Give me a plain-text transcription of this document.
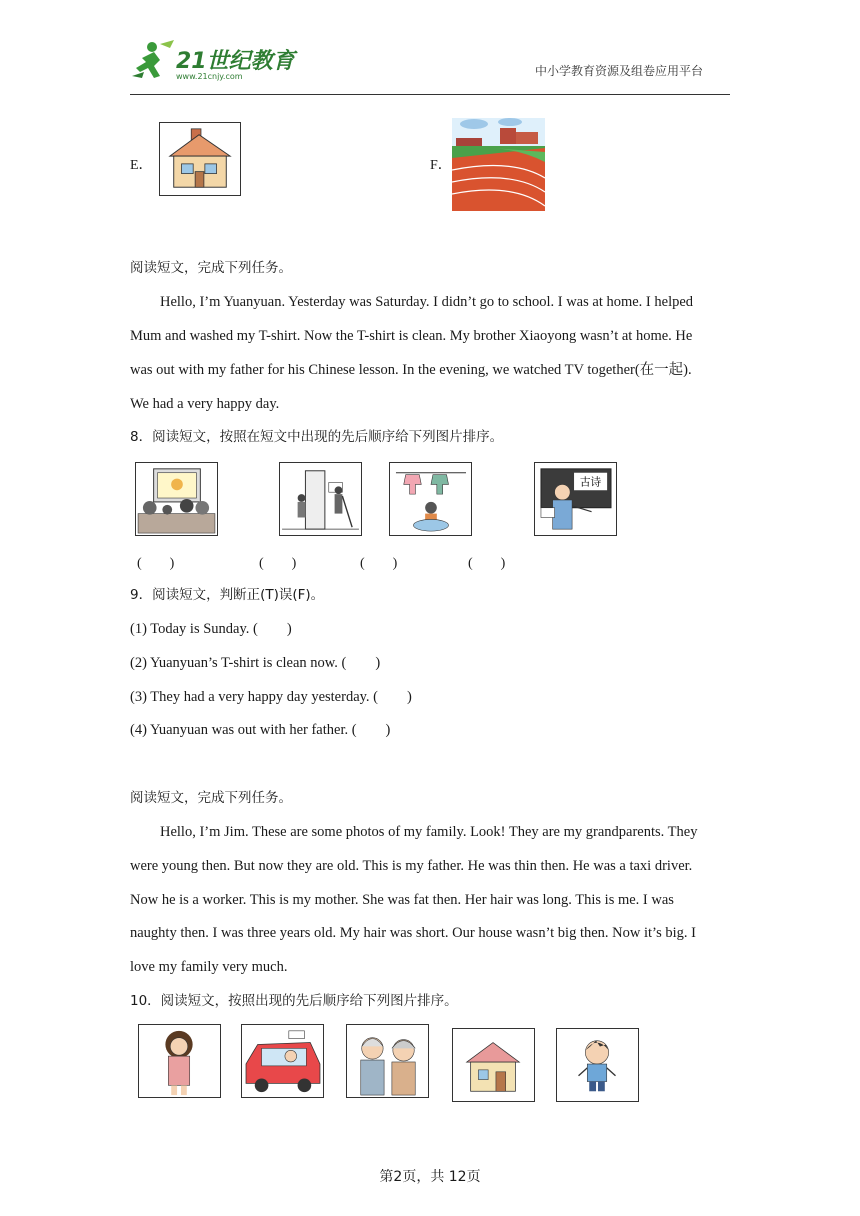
21世纪教育
www.21cnjy.com	中小学教育资源及组卷应用平台
E．	F．
阅读短文，完成下列任务。
Hello, I’m Yuanyuan. Yesterday was Saturday. I didn’t go to school. I was at home. I helped
Mum and washed my T-shirt. Now the T-shirt is clean. My brother Xiaoyong wasn’t at home. He
was out with my father for his Chinese lesson. In the evening, we watched TV together(在一起).
We had a very happy day.
8．阅读短文，按照在短文中出现的先后顺序给下列图片排序。
古诗
(　　)	(　　)	(　　)	(　　)
9．阅读短文，判断正(T)误(F)。
(1) Today is Sunday. (　　)
(2) Yuanyuan’s T-shirt is clean now. (　　)
(3) They had a very happy day yesterday. (　　)
(4) Yuanyuan was out with her father. (　　)
阅读短文，完成下列任务。
Hello, I’m Jim. These are some photos of my family. Look! They are my grandparents. They
were young then. But now they are old. This is my father. He was thin then. He was a taxi driver.
Now he is a worker. This is my mother. She was fat then. Her hair was long. This is me. I was
naughty then. I was three years old. My hair was short. Our house wasn’t big then. Now it’s big. I
love my family very much.
10．阅读短文，按照出现的先后顺序给下列图片排序。
第2页，共 12页
